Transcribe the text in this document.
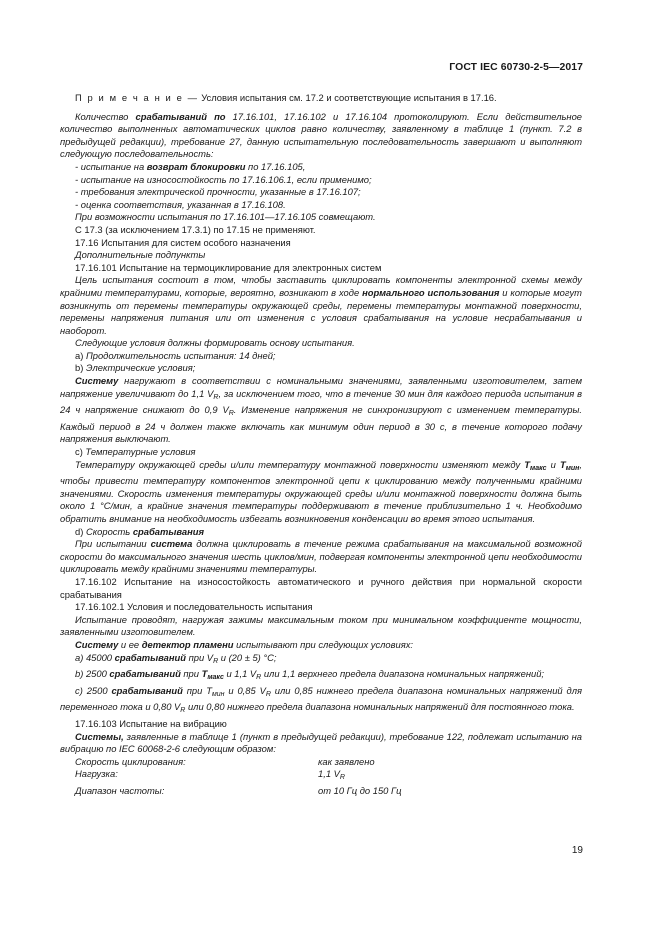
ГОСТ IEC 60730-2-5—2017

П р и м е ч а н и е — Условия испытания см. 17.2 и соответствующие испытания в 17.16.

Количество срабатываний по 17.16.101, 17.16.102 и 17.16.104 протоколируют. Если действительное количество выполненных автоматических циклов равно количеству, заявленному в таблице 1 (пункт. 7.2 в предыдущей редакции), требование 27, данную испытательную последовательность завершают и выполняют следующую последовательность:

- испытание на возврат блокировки по 17.16.105,

- испытание на износостойкость по 17.16.106.1, если применимо;

- требования электрической прочности, указанные в 17.16.107;

- оценка соответствия, указанная в 17.16.108.

При возможности испытания по 17.16.101—17.16.105 совмещают.

С 17.3 (за исключением 17.3.1) по 17.15 не применяют.

17.16 Испытания для систем особого назначения

Дополнительные подпункты

17.16.101 Испытание на термоциклирование для электронных систем

Цель испытания состоит в том, чтобы заставить циклировать компоненты электронной схемы между крайними температурами, которые, вероятно, возникают в ходе нормального использования и которые могут возникнуть от перемены температуры окружающей среды, перемены температуры монтажной поверхности, перемены напряжения питания или от изменения с условия срабатывания на условие несрабатывания и наоборот.

Следующие условия должны формировать основу испытания.

a) Продолжительность испытания: 14 дней;

b) Электрические условия;

Систему нагружают в соответствии с номинальными значениями, заявленными изготовителем, затем напряжение увеличивают до 1,1 $V_R$, за исключением того, что в течение 30 мин для каждого периода испытания в 24 ч напряжение снижают до 0,9 $V_R$. Изменение напряжения не синхронизируют с изменением температуры. Каждый период в 24 ч должен также включать как минимум один период в 30 с, в течение которого подачу напряжения выключают.

c) Температурные условия

Температуру окружающей среды и/или температуру монтажной поверхности изменяют между $T_{макс}$ и $T_{мин}$, чтобы привести температуру компонентов электронной цепи к циклированию между полученными крайними значениями. Скорость изменения температуры окружающей среды и/или монтажной поверхности должна быть около 1 °С/мин, а крайние значения температуры поддерживают в течение приблизительно 1 ч. Необходимо обратить внимание на необходимость избегать возникновения конденсации во время этого испытания.

d) Скорость срабатывания

При испытании система должна циклировать в течение режима срабатывания на максимальной возможной скорости до максимального значения шесть циклов/мин, подвергая компоненты электронной цепи необходимости циклировать между крайними значениями температуры.

17.16.102 Испытание на износостойкость автоматического и ручного действия при нормальной скорости срабатывания

17.16.102.1 Условия и последовательность испытания

Испытание проводят, нагружая зажимы максимальным током при минимальном коэффициенте мощности, заявленными изготовителем.

Систему и ее детектор пламени испытывают при следующих условиях:

a) 45000 срабатываний при $V_R$ и (20 ± 5) °С;

b) 2500 срабатываний при $T_{макс}$ и 1,1 $V_R$ или 1,1 верхнего предела диапазона номинальных напряжений;

c) 2500 срабатываний при $T_{мин}$ и 0,85 $V_R$ или 0,85 нижнего предела диапазона номинальных напряжений для переменного тока и 0,80 $V_R$ или 0,80 нижнего предела диапазона номинальных напряжений для постоянного тока.

17.16.103 Испытание на вибрацию

Системы, заявленные в таблице 1 (пункт в предыдущей редакции), требование 122, подлежат испытанию на вибрацию по IEC 60068-2-6 следующим образом:

Скорость циклирования:	как заявлено
Нагрузка:	1,1 $V_R$
Диапазон частоты:	от 10 Гц до 150 Гц
19
